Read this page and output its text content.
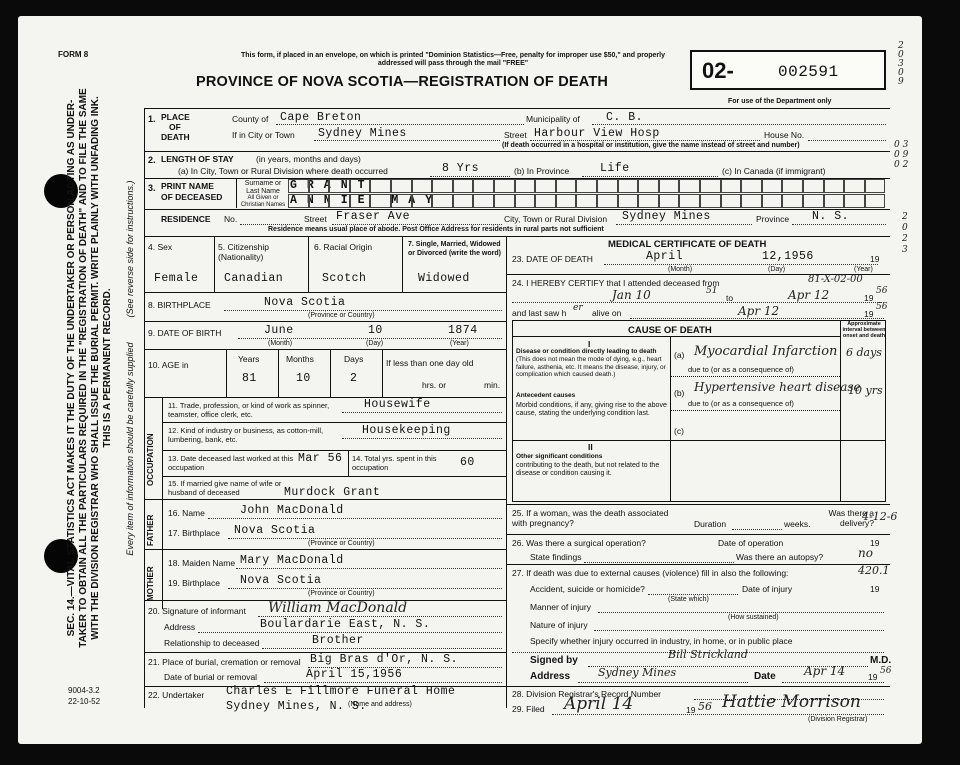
SEC. 14.—VITAL STATISTICS ACT MAKES IT THE DUTY OF THE UNDERTAKER OR PERSON ACTING AS UNDER- TAKER TO OBTAIN ALL THE PARTICULARS REQUIRED IN THE "REGISTRATION OF DEATH" AND TO FILE THE SAME WITH THE DIVISION REGISTRAR WHO SHALL ISSUE THE BURIAL PERMIT. WRITE PLAINLY WITH UNFADING INK. THIS IS A PERMANENT RECORD. Every item of information should be carefully supplied
(See reverse side for instructions.)
FORM 8	This form, if placed in an envelope, on which is printed "Dominion Statistics—Free, penalty for improper use $50," and properly addressed will pass through the mail "FREE"
PROVINCE OF NOVA SCOTIA—REGISTRATION OF DEATH	02-	002591
For use of the Department only
2 0 3 0 9
1. PLACE
OF
DEATH
County of Cape Breton	Municipality of C. B.
If in City or Town Sydney Mines	Street Harbour View Hosp	House No.
(If death occurred in a hospital or institution, give the name instead of street and number)
2. LENGTH OF STAY	(in years, months and days)
(a) In City, Town or Rural Division where death occurred	8 Yrs	(b) In Province	Life	(c) In Canada (if immigrant)
0 3
0 9
0 2
3. PRINT NAME
OF DECEASED
Surname or Last Name
All Given or Christian Names
GRANT
ANNIE MAY
RESIDENCE No.	Street Fraser Ave	City, Town or Rural Division Sydney Mines	Province N. S.
Residence means usual place of abode. Post Office Address for residents in rural parts not sufficient
2
0
2
3
4. Sex	5. Citizenship (Nationality)
6. Racial Origin	7. Single, Married, Widowed or Divorced (write the word)
Female Canadian	Scotch	Widowed
8. BIRTHPLACE	Nova Scotia
(Province or Country)
9. DATE OF BIRTH	June	10	1874
(Month)	(Day)	(Year)
10. AGE in
Years	Months	Days
81	10	2
If less than one day old
hrs. or	min.
OCCUPATION
11. Trade, profession, or kind of work as spinner, teamster, office clerk, etc.
Housewife
12. Kind of industry or business, as cotton-mill, lumbering, bank, etc.
Housekeeping
13. Date deceased last worked at this occupation
Mar 56 14. Total yrs. spent in this occupation	60
15. If married give name of wife or husband of deceased	Murdock Grant
FATHER
MOTHER
16. Name	John MacDonald
17. Birthplace Nova Scotia
(Province or Country)
18. Maiden Name Mary MacDonald
19. Birthplace Nova Scotia
(Province or Country)
20. Signature of informant William MacDonald
Address	Boulardarie East, N. S.
Relationship to deceased	Brother
21. Place of burial, cremation or removal Big Bras d'Or, N. S.
Date of burial or removal	April 15,1956
22. Undertaker Charles E Fillmore Funeral Home
Sydney Mines, N. S.
(Name and address)
9004-3.2
22-10-52
MEDICAL CERTIFICATE OF DEATH
23. DATE OF DEATH	April	12,1956
(Month)	(Day)	(Year)
19
24. I HEREBY CERTIFY that I attended deceased from	81-X-02-00
Jan 10	51
to	Apr 12	19
56
and last saw h er alive on	Apr 12	19
56
CAUSE OF DEATH
Approximate interval between onset and death
I
Disease or condition directly leading to death
(This does not mean the mode of dying, e.g., heart failure, asthenia, etc. It means the disease, injury, or complication which caused death.)
(a) Myocardial Infarction 6 days
due to (or as a consequence of)
Antecedent causes
Morbid conditions, if any, giving rise to the above cause, stating the underlying condition last.
(b) Hypertensive heart disease
10 yrs
due to (or as a consequence of)
(c)
II
Other significant conditions
contributing to the death, but not related to the disease or condition causing it.
25. If a woman, was the death associated with pregnancy?	Duration	weeks.
Was there a delivery?
4-12-6
26. Was there a surgical operation?	Date of operation	19
State findings	Was there an autopsy?	no
27. If death was due to external causes (violence) fill in also the following:	420.1
Accident, suicide or homicide?
(State which)
Date of injury	19
Manner of injury
(How sustained)
Nature of injury
Specify whether injury occurred in industry, in home, or in public place
Signed by	Bill Strickland	M.D.
Address	Sydney Mines	Date Apr 14	19
56
28. Division Registrar's Record Number
29. Filed April 14	19 56 Hattie Morrison
(Division Registrar)
